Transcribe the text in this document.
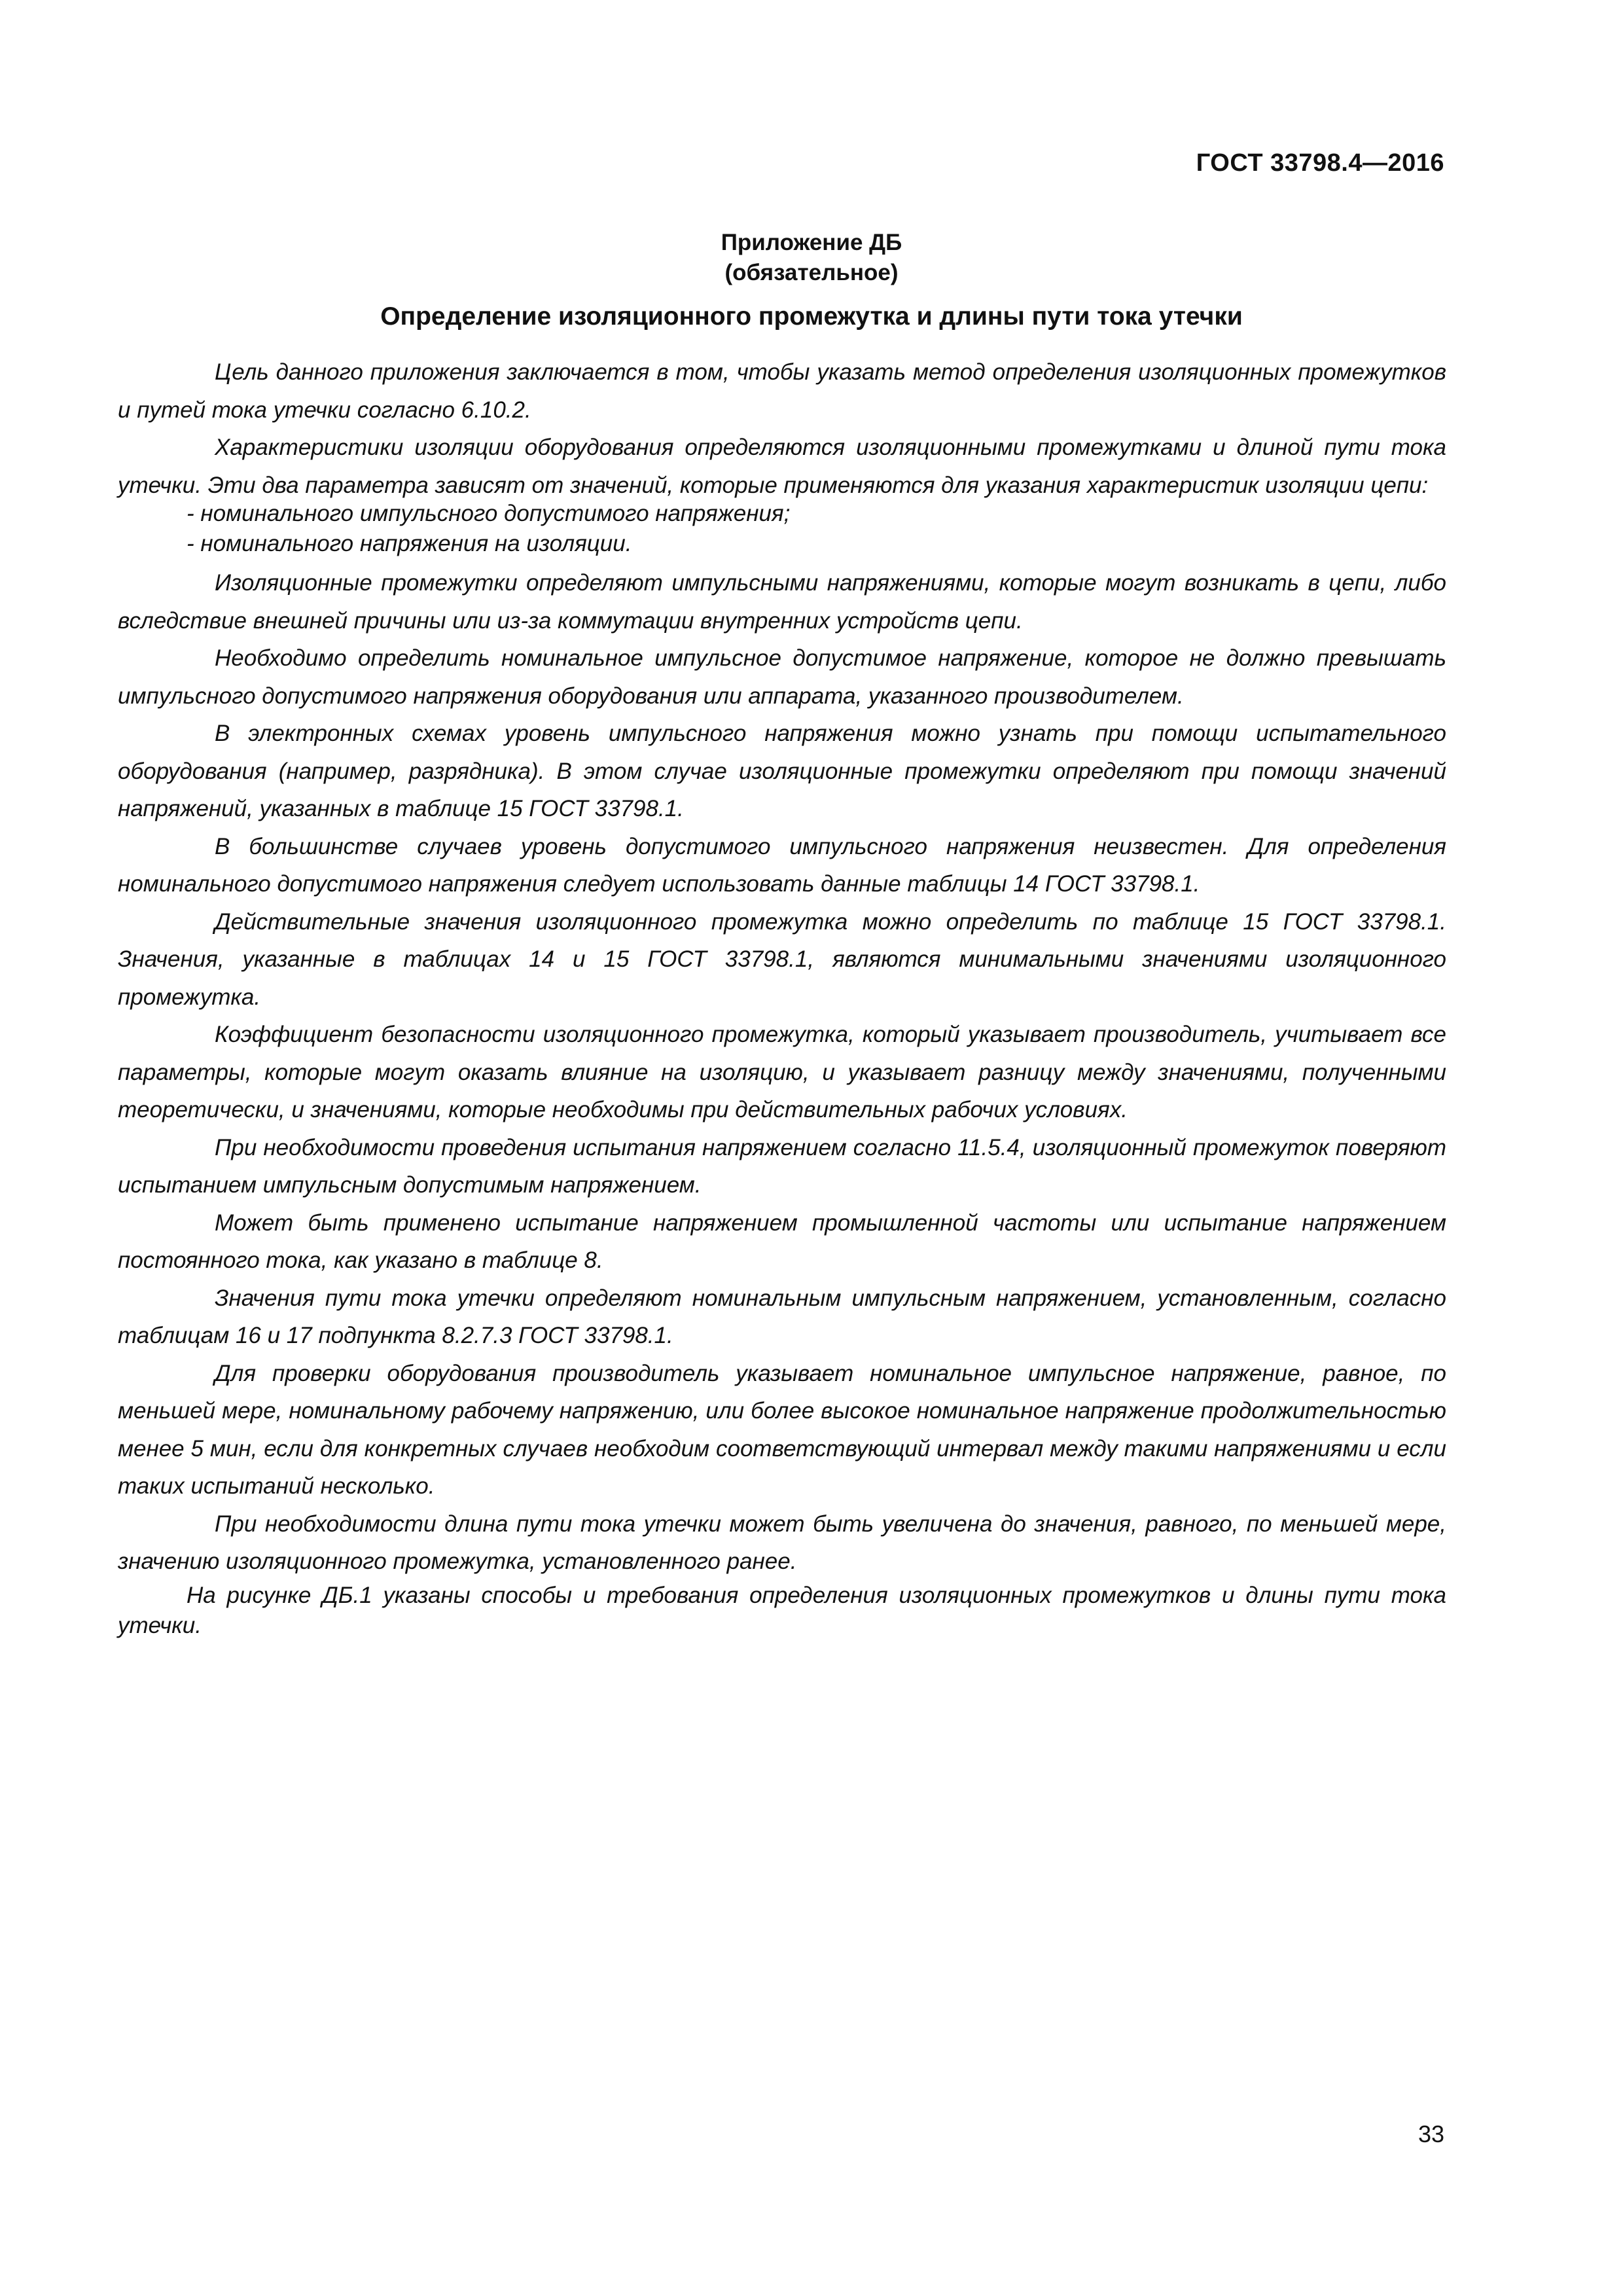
ГОСТ 33798.4—2016
Приложение ДБ
(обязательное)
Определение изоляционного промежутка и длины пути тока утечки

Цель данного приложения заключается в том, чтобы указать метод определения изоляционных промежутков и путей тока утечки согласно 6.10.2.

Характеристики изоляции оборудования определяются изоляционными промежутками и длиной пути тока утечки. Эти два параметра зависят от значений, которые применяются для указания характеристик изоляции цепи:

- номинального импульсного допустимого напряжения;

- номинального напряжения на изоляции.

Изоляционные промежутки определяют импульсными напряжениями, которые могут возникать в цепи, либо вследствие внешней причины или из-за коммутации внутренних устройств цепи.

Необходимо определить номинальное импульсное допустимое напряжение, которое не должно превышать импульсного допустимого напряжения оборудования или аппарата, указанного производителем.

В электронных схемах уровень импульсного напряжения можно узнать при помощи испытательного оборудования (например, разрядника). В этом случае изоляционные промежутки определяют при помощи значений напряжений, указанных в таблице 15 ГОСТ 33798.1.

В большинстве случаев уровень допустимого импульсного напряжения неизвестен. Для определения номинального допустимого напряжения следует использовать данные таблицы 14 ГОСТ 33798.1.

Действительные значения изоляционного промежутка можно определить по таблице 15 ГОСТ 33798.1. Значения, указанные в таблицах 14 и 15 ГОСТ 33798.1, являются минимальными значениями изоляционного промежутка.

Коэффициент безопасности изоляционного промежутка, который указывает производитель, учитывает все параметры, которые могут оказать влияние на изоляцию, и указывает разницу между значениями, полученными теоретически, и значениями, которые необходимы при действительных рабочих условиях.

При необходимости проведения испытания напряжением согласно 11.5.4, изоляционный промежуток поверяют испытанием импульсным допустимым напряжением.

Может быть применено испытание напряжением промышленной частоты или испытание напряжением постоянного тока, как указано в таблице 8.

Значения пути тока утечки определяют номинальным импульсным напряжением, установленным, согласно таблицам 16 и 17 подпункта 8.2.7.3 ГОСТ 33798.1.

Для проверки оборудования производитель указывает номинальное импульсное напряжение, равное, по меньшей мере, номинальному рабочему напряжению, или более высокое номинальное напряжение продолжительностью менее 5 мин, если для конкретных случаев необходим соответствующий интервал между такими напряжениями и если таких испытаний несколько.

При необходимости длина пути тока утечки может быть увеличена до значения, равного, по меньшей мере, значению изоляционного промежутка, установленного ранее.

На рисунке ДБ.1 указаны способы и требования определения изоляционных промежутков и длины пути тока утечки.

33
